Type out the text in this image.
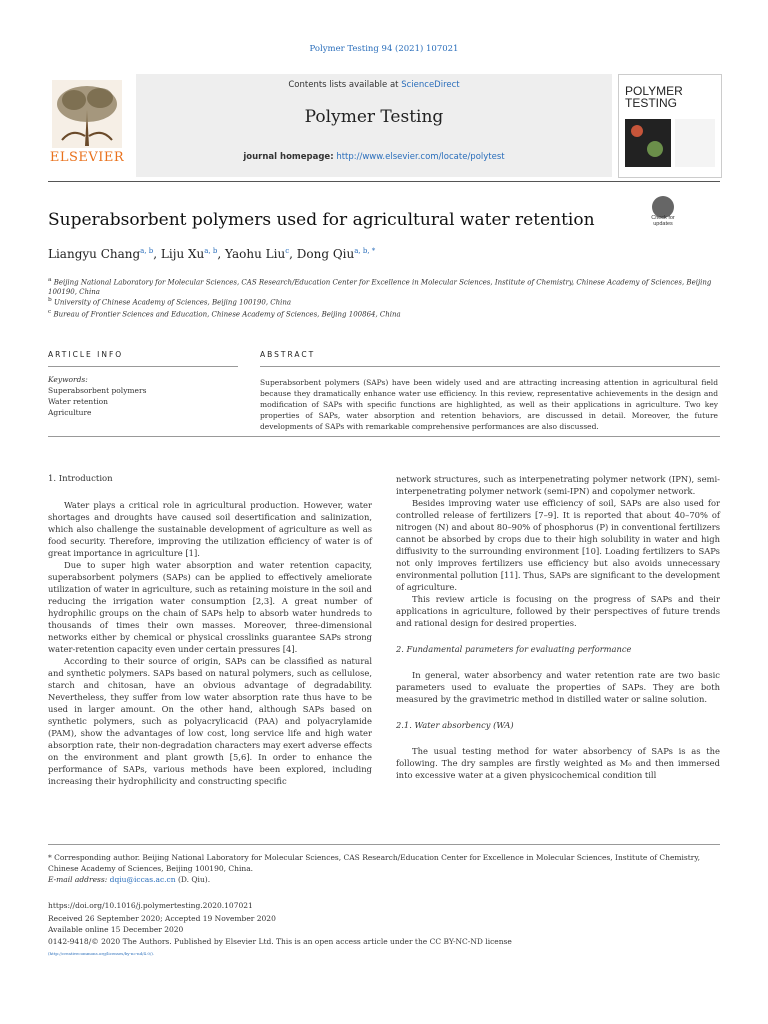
Polymer Testing 94 (2021) 107021
ELSEVIER
Contents lists available at ScienceDirect
Polymer Testing
journal homepage: http://www.elsevier.com/locate/polytest
POLYMER
TESTING
Superabsorbent polymers used for agricultural water retention	Check for
updates
Liangyu Chang$^{a, b}$, Liju Xu$^{a, b}$, Yaohu Liu$^c$, Dong Qiu$^{a, b, *}$
$^a$ Beijing National Laboratory for Molecular Sciences, CAS Research/Education Center for Excellence in Molecular Sciences, Institute of Chemistry, Chinese Academy of Sciences, Beijing 100190, China
$^b$ University of Chinese Academy of Sciences, Beijing 100190, China
$^c$ Bureau of Frontier Sciences and Education, Chinese Academy of Sciences, Beijing 100864, China
ARTICLE INFO	ABSTRACT
Keywords:
Superabsorbent polymers
Water retention
Agriculture
Superabsorbent polymers (SAPs) have been widely used and are attracting increasing attention in agricultural field because they dramatically enhance water use efficiency. In this review, representative achievements in the design and modification of SAPs with specific functions are highlighted, as well as their applications in agriculture. Two key properties of SAPs, water absorption and retention behaviors, are discussed in detail. Moreover, the future developments of SAPs with remarkable comprehensive performances are also discussed.
1. Introduction

Water plays a critical role in agricultural production. However, water shortages and droughts have caused soil desertification and salinization, which also challenge the sustainable development of agriculture as well as food security. Therefore, improving the utilization efficiency of water is of great importance in agriculture [1].

Due to super high water absorption and water retention capacity, superabsorbent polymers (SAPs) can be applied to effectively ameliorate utilization of water in agriculture, such as retaining moisture in the soil and reducing the irrigation water consumption [2,3]. A great number of hydrophilic groups on the chain of SAPs help to absorb water hundreds to thousands of times their own masses. Moreover, three-dimensional networks either by chemical or physical crosslinks guarantee SAPs strong water-retention capacity even under certain pressures [4].

According to their source of origin, SAPs can be classified as natural and synthetic polymers. SAPs based on natural polymers, such as cellulose, starch and chitosan, have an obvious advantage of degradability. Nevertheless, they suffer from low water absorption rate thus have to be used in larger amount. On the other hand, although SAPs based on synthetic polymers, such as polyacrylicacid (PAA) and polyacrylamide (PAM), show the advantages of low cost, long service life and high water absorption rate, their non-degradation characters may exert adverse effects on the environment and plant growth [5,6]. In order to enhance the performance of SAPs, various methods have been explored, including increasing their hydrophilicity and constructing specific

network structures, such as interpenetrating polymer network (IPN), semi-interpenetrating polymer network (semi-IPN) and copolymer network.

Besides improving water use efficiency of soil, SAPs are also used for controlled release of fertilizers [7–9]. It is reported that about 40–70% of nitrogen (N) and about 80–90% of phosphorus (P) in conventional fertilizers cannot be absorbed by crops due to their high solubility in water and high diffusivity to the surrounding environment [10]. Loading fertilizers to SAPs not only improves fertilizers use efficiency but also avoids unnecessary environmental pollution [11]. Thus, SAPs are significant to the development of agriculture.

This review article is focusing on the progress of SAPs and their applications in agriculture, followed by their perspectives of future trends and rational design for desired properties.

2. Fundamental parameters for evaluating performance

In general, water absorbency and water retention rate are two basic parameters used to evaluate the properties of SAPs. They are both measured by the gravimetric method in distilled water or saline solution.

2.1. Water absorbency (WA)

The usual testing method for water absorbency of SAPs is as the following. The dry samples are firstly weighted as M₀ and then immersed into excessive water at a given physicochemical condition till

* Corresponding author. Beijing National Laboratory for Molecular Sciences, CAS Research/Education Center for Excellence in Molecular Sciences, Institute of Chemistry, Chinese Academy of Sciences, Beijing 100190, China.
E-mail address: dqiu@iccas.ac.cn (D. Qiu).
https://doi.org/10.1016/j.polymertesting.2020.107021
Received 26 September 2020; Accepted 19 November 2020
Available online 15 December 2020
0142-9418/© 2020 The Authors. Published by Elsevier Ltd. This is an open access article under the CC BY-NC-ND license
(http://creativecommons.org/licenses/by-nc-nd/4.0/).
